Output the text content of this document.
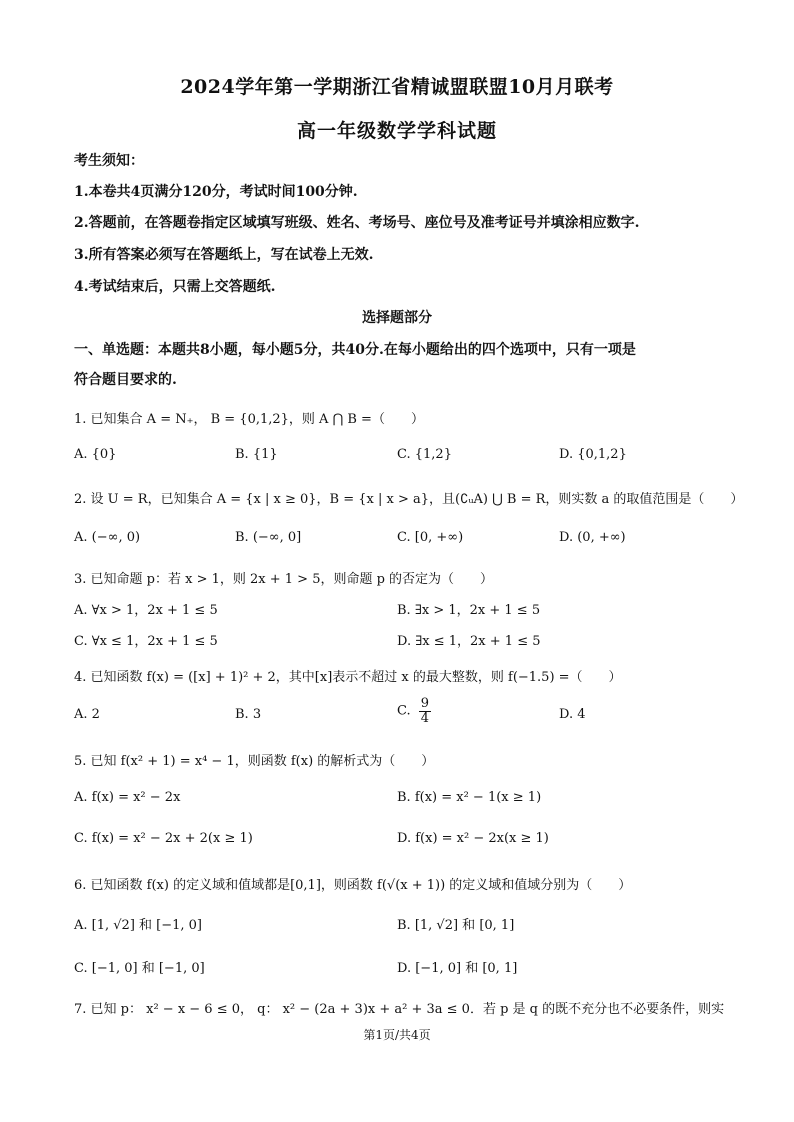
2024学年第一学期浙江省精诚盟联盟10月月联考
高一年级数学学科试题
考生须知：
1.本卷共4页满分120分，考试时间100分钟.
2.答题前，在答题卷指定区域填写班级、姓名、考场号、座位号及准考证号并填涂相应数字.
3.所有答案必须写在答题纸上，写在试卷上无效.
4.考试结束后，只需上交答题纸.
选择题部分
一、单选题：本题共8小题，每小题5分，共40分.在每小题给出的四个选项中，只有一项是
符合题目要求的.
1. 已知集合 A = N₊， B = {0,1,2}，则 A ⋂ B =（　　）
A. {0}	B. {1}	C. {1,2}	D. {0,1,2}
2. 设 U = R，已知集合 A = {x | x ≥ 0}，B = {x | x > a}，且(∁ᵤA) ⋃ B = R，则实数 a 的取值范围是（　　）
A. (−∞, 0)	B. (−∞, 0]	C. [0, +∞)	D. (0, +∞)
3. 已知命题 p：若 x > 1，则 2x + 1 > 5，则命题 p 的否定为（　　）
A. ∀x > 1，2x + 1 ≤ 5	B. ∃x > 1，2x + 1 ≤ 5
C. ∀x ≤ 1，2x + 1 ≤ 5	D. ∃x ≤ 1，2x + 1 ≤ 5
4. 已知函数 f(x) = ([x] + 1)² + 2，其中[x]表示不超过 x 的最大整数，则 f(−1.5) =（　　）
A. 2	B. 3	C. $\frac{9}{4}$	D. 4
5. 已知 f(x² + 1) = x⁴ − 1，则函数 f(x) 的解析式为（　　）
A. f(x) = x² − 2x	B. f(x) = x² − 1(x ≥ 1)
C. f(x) = x² − 2x + 2(x ≥ 1)	D. f(x) = x² − 2x(x ≥ 1)
6. 已知函数 f(x) 的定义域和值域都是[0,1]，则函数 f(√(x + 1)) 的定义域和值域分别为（　　）
A. [1, √2] 和 [−1, 0]	B. [1, √2] 和 [0, 1]
C. [−1, 0] 和 [−1, 0]	D. [−1, 0] 和 [0, 1]
7. 已知 p： x² − x − 6 ≤ 0， q： x² − (2a + 3)x + a² + 3a ≤ 0．若 p 是 q 的既不充分也不必要条件，则实
第1页/共4页
